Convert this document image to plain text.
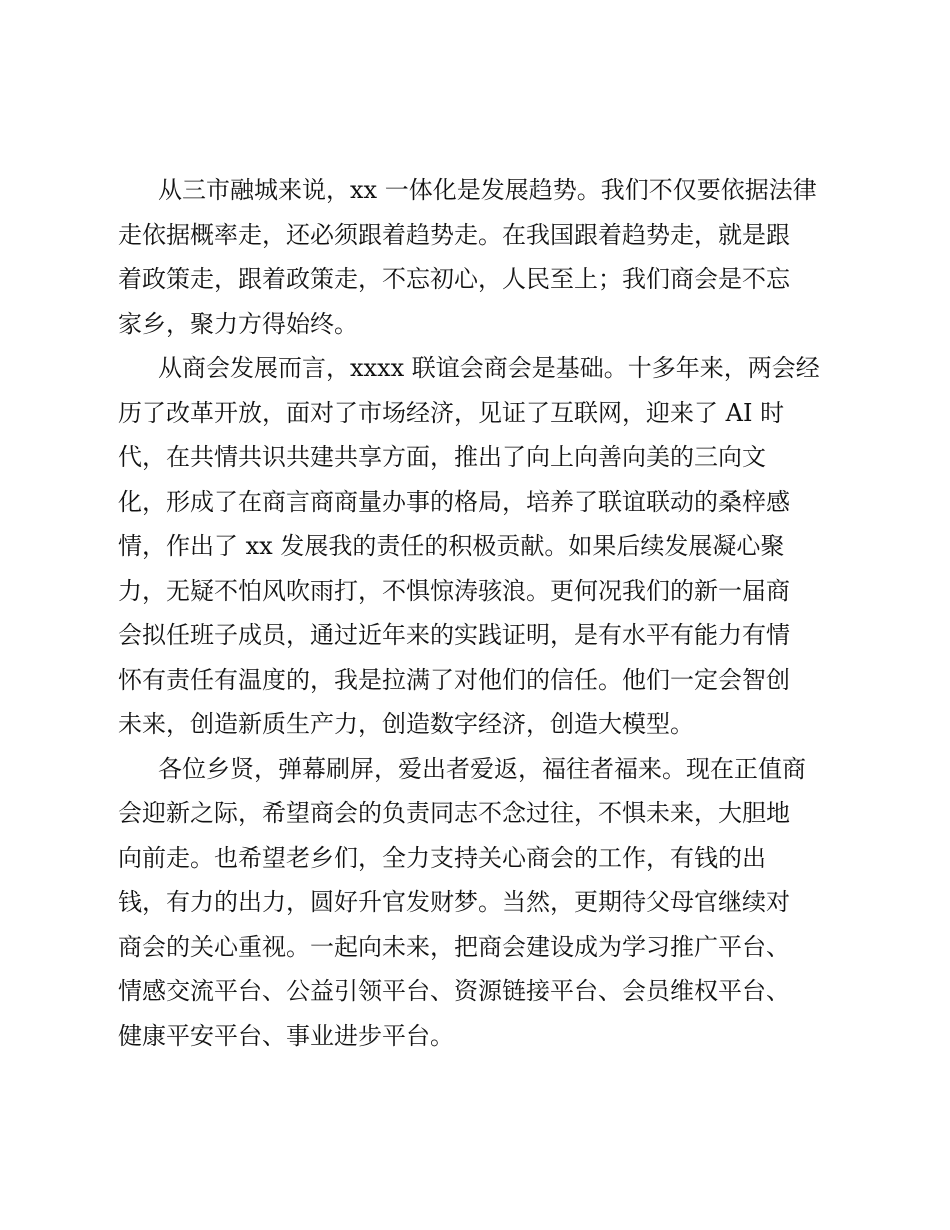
从三市融城来说，xx 一体化是发展趋势。我们不仅要依据法律
走依据概率走，还必须跟着趋势走。在我国跟着趋势走，就是跟
着政策走，跟着政策走，不忘初心，人民至上；我们商会是不忘
家乡，聚力方得始终。
从商会发展而言，xxxx 联谊会商会是基础。十多年来，两会经
历了改革开放，面对了市场经济，见证了互联网，迎来了 AI 时
代，在共情共识共建共享方面，推出了向上向善向美的三向文
化，形成了在商言商商量办事的格局，培养了联谊联动的桑梓感
情，作出了 xx 发展我的责任的积极贡献。如果后续发展凝心聚
力，无疑不怕风吹雨打，不惧惊涛骇浪。更何况我们的新一届商
会拟任班子成员，通过近年来的实践证明，是有水平有能力有情
怀有责任有温度的，我是拉满了对他们的信任。他们一定会智创
未来，创造新质生产力，创造数字经济，创造大模型。
各位乡贤，弹幕刷屏，爱出者爱返，福往者福来。现在正值商
会迎新之际，希望商会的负责同志不念过往，不惧未来，大胆地
向前走。也希望老乡们，全力支持关心商会的工作，有钱的出
钱，有力的出力，圆好升官发财梦。当然，更期待父母官继续对
商会的关心重视。一起向未来，把商会建设成为学习推广平台、
情感交流平台、公益引领平台、资源链接平台、会员维权平台、
健康平安平台、事业进步平台。
